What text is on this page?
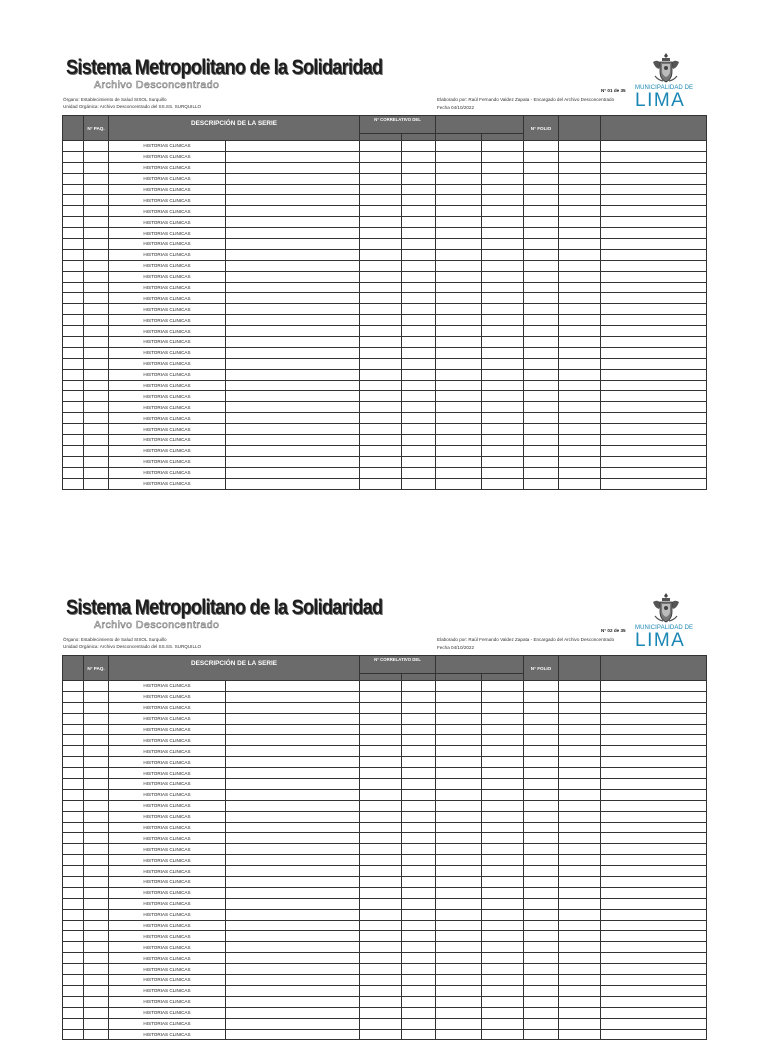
Sistema Metropolitano de la Solidaridad
Archivo Desconcentrado
Órgano: Establecimiento de Salud SISOL Surquillo
Unidad Orgánica: Archivo Desconcentrado del SS.SS. SURQUILLO
N° 01 de 35
Elaborado por: Raúl Fernando Valdez Zapata - Encargado del Archivo Desconcentrado
Fecha 04/10/2022
MUNICIPALIDAD DE
LIMA
	N° PAQ.	DESCRIPCIÓN DE LA SERIE		N° CORRELATIVO DEL				N° FOLIO		

		HISTORIAS CLINICAS								
		HISTORIAS CLINICAS								
		HISTORIAS CLINICAS								
		HISTORIAS CLINICAS								
		HISTORIAS CLINICAS								
		HISTORIAS CLINICAS								
		HISTORIAS CLINICAS								
		HISTORIAS CLINICAS								
		HISTORIAS CLINICAS								
		HISTORIAS CLINICAS								
		HISTORIAS CLINICAS								
		HISTORIAS CLINICAS								
		HISTORIAS CLINICAS								
		HISTORIAS CLINICAS								
		HISTORIAS CLINICAS								
		HISTORIAS CLINICAS								
		HISTORIAS CLINICAS								
		HISTORIAS CLINICAS								
		HISTORIAS CLINICAS								
		HISTORIAS CLINICAS								
		HISTORIAS CLINICAS								
		HISTORIAS CLINICAS								
		HISTORIAS CLINICAS								
		HISTORIAS CLINICAS								
		HISTORIAS CLINICAS								
		HISTORIAS CLINICAS								
		HISTORIAS CLINICAS								
		HISTORIAS CLINICAS								
		HISTORIAS CLINICAS								
		HISTORIAS CLINICAS								
		HISTORIAS CLINICAS								
		HISTORIAS CLINICAS								
Sistema Metropolitano de la Solidaridad
Archivo Desconcentrado
Órgano: Establecimiento de Salud SISOL Surquillo
Unidad Orgánica: Archivo Desconcentrado del SS.SS. SURQUILLO
N° 02 de 35
Elaborado por: Raúl Fernando Valdez Zapata - Encargado del Archivo Desconcentrado
Fecha 04/10/2022
MUNICIPALIDAD DE
LIMA
	N° PAQ.	DESCRIPCIÓN DE LA SERIE		N° CORRELATIVO DEL				N° FOLIO		

		HISTORIAS CLINICAS								
		HISTORIAS CLINICAS								
		HISTORIAS CLINICAS								
		HISTORIAS CLINICAS								
		HISTORIAS CLINICAS								
		HISTORIAS CLINICAS								
		HISTORIAS CLINICAS								
		HISTORIAS CLINICAS								
		HISTORIAS CLINICAS								
		HISTORIAS CLINICAS								
		HISTORIAS CLINICAS								
		HISTORIAS CLINICAS								
		HISTORIAS CLINICAS								
		HISTORIAS CLINICAS								
		HISTORIAS CLINICAS								
		HISTORIAS CLINICAS								
		HISTORIAS CLINICAS								
		HISTORIAS CLINICAS								
		HISTORIAS CLINICAS								
		HISTORIAS CLINICAS								
		HISTORIAS CLINICAS								
		HISTORIAS CLINICAS								
		HISTORIAS CLINICAS								
		HISTORIAS CLINICAS								
		HISTORIAS CLINICAS								
		HISTORIAS CLINICAS								
		HISTORIAS CLINICAS								
		HISTORIAS CLINICAS								
		HISTORIAS CLINICAS								
		HISTORIAS CLINICAS								
		HISTORIAS CLINICAS								
		HISTORIAS CLINICAS								
		HISTORIAS CLINICAS								
